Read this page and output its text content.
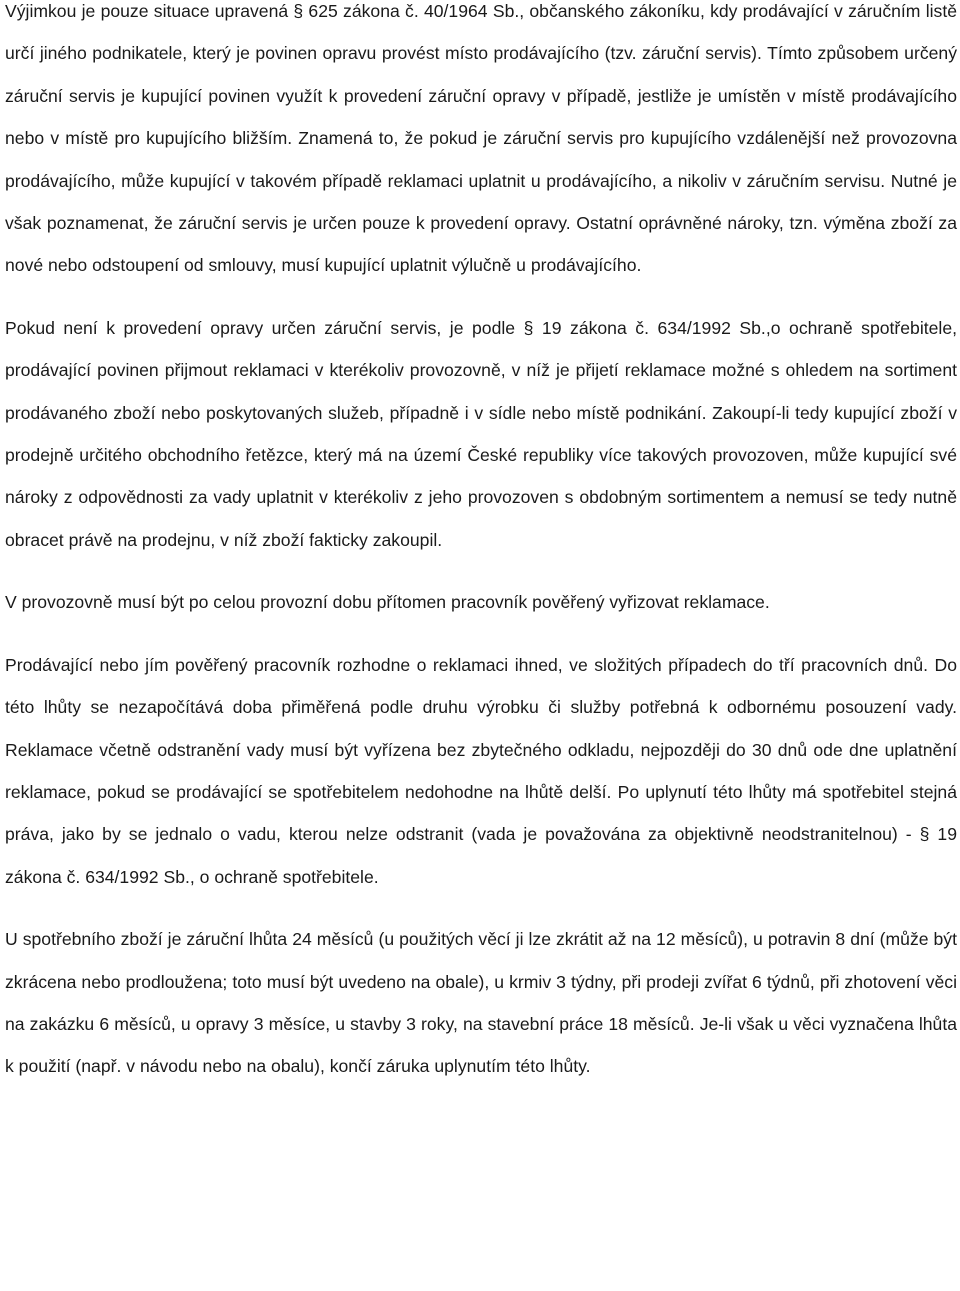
Výjimkou je pouze situace upravená § 625 zákona č. 40/1964 Sb., občanského zákoníku, kdy prodávající v záručním listě určí jiného podnikatele, který je povinen opravu provést místo prodávajícího (tzv. záruční servis). Tímto způsobem určený záruční servis je kupující povinen využít k provedení záruční opravy v případě, jestliže je umístěn v místě prodávajícího nebo v místě pro kupujícího bližším. Znamená to, že pokud je záruční servis pro kupujícího vzdálenější než provozovna prodávajícího, může kupující v takovém případě reklamaci uplatnit u prodávajícího, a nikoliv v záručním servisu. Nutné je však poznamenat, že záruční servis je určen pouze k provedení opravy. Ostatní oprávněné nároky, tzn. výměna zboží za nové nebo odstoupení od smlouvy, musí kupující uplatnit výlučně u prodávajícího.

Pokud není k provedení opravy určen záruční servis, je podle § 19 zákona č. 634/1992 Sb.,o ochraně spotřebitele, prodávající povinen přijmout reklamaci v kterékoliv provozovně, v níž je přijetí reklamace možné s ohledem na sortiment prodávaného zboží nebo poskytovaných služeb, případně i v sídle nebo místě podnikání. Zakoupí-li tedy kupující zboží v prodejně určitého obchodního řetězce, který má na území České republiky více takových provozoven, může kupující své nároky z odpovědnosti za vady uplatnit v kterékoliv z jeho provozoven s obdobným sortimentem a nemusí se tedy nutně obracet právě na prodejnu, v níž zboží fakticky zakoupil.

V provozovně musí být po celou provozní dobu přítomen pracovník pověřený vyřizovat reklamace.

Prodávající nebo jím pověřený pracovník rozhodne o reklamaci ihned, ve složitých případech do tří pracovních dnů. Do této lhůty se nezapočítává doba přiměřená podle druhu výrobku či služby potřebná k odbornému posouzení vady. Reklamace včetně odstranění vady musí být vyřízena bez zbytečného odkladu, nejpozději do 30 dnů ode dne uplatnění reklamace, pokud se prodávající se spotřebitelem nedohodne na lhůtě delší. Po uplynutí této lhůty má spotřebitel stejná práva, jako by se jednalo o vadu, kterou nelze odstranit (vada je považována za objektivně neodstranitelnou) - § 19 zákona č. 634/1992 Sb., o ochraně spotřebitele.

U spotřebního zboží je záruční lhůta 24 měsíců (u použitých věcí ji lze zkrátit až na 12 měsíců), u potravin 8 dní (může být zkrácena nebo prodloužena; toto musí být uvedeno na obale), u krmiv 3 týdny, při prodeji zvířat 6 týdnů, při zhotovení věci na zakázku 6 měsíců, u opravy 3 měsíce, u stavby 3 roky, na stavební práce 18 měsíců. Je-li však u věci vyznačena lhůta k použití (např. v návodu nebo na obalu), končí záruka uplynutím této lhůty.
